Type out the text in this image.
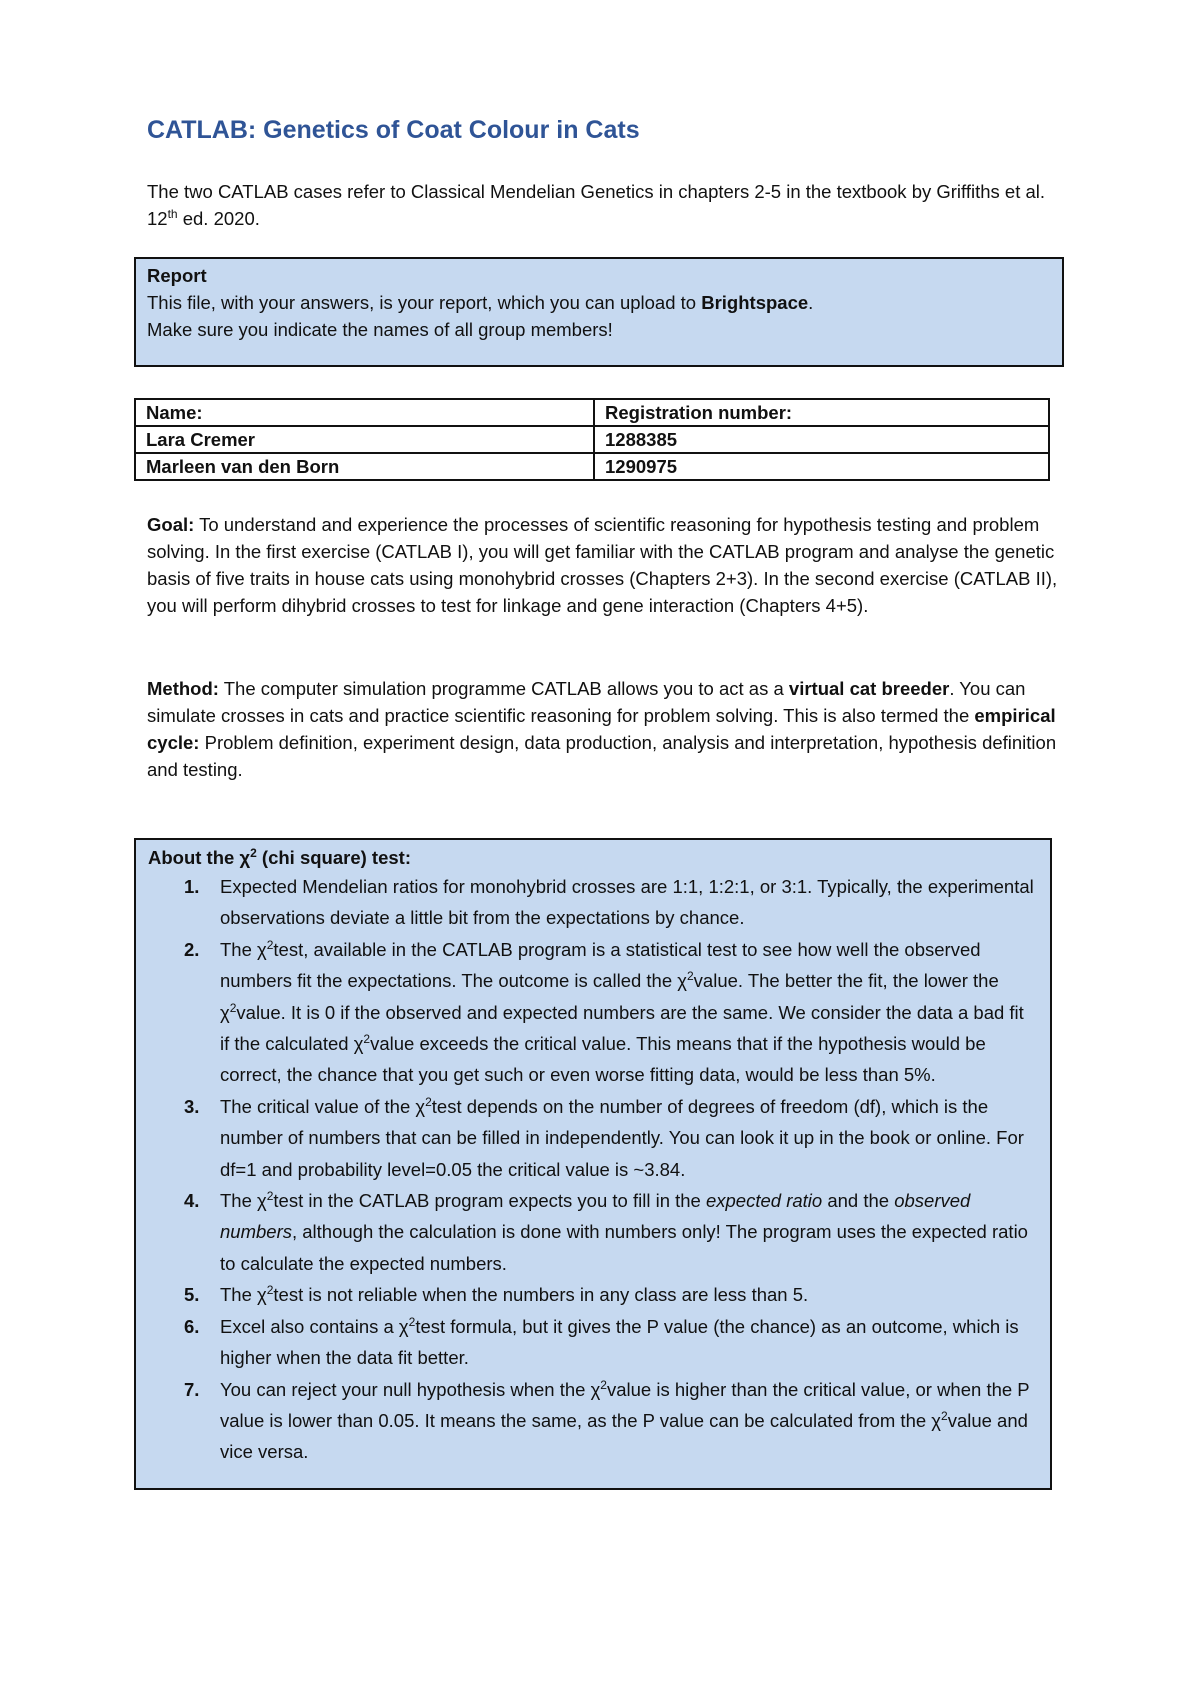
CATLAB: Genetics of Coat Colour in Cats
The two CATLAB cases refer to Classical Mendelian Genetics in chapters 2-5 in the textbook by Griffiths et al. 12th ed. 2020.
Report
This file, with your answers, is your report, which you can upload to Brightspace.
Make sure you indicate the names of all group members!
Name:	Registration number:
Lara Cremer	1288385
Marleen van den Born	1290975
Goal: To understand and experience the processes of scientific reasoning for hypothesis testing and problem solving. In the first exercise (CATLAB I), you will get familiar with the CATLAB program and analyse the genetic basis of five traits in house cats using monohybrid crosses (Chapters 2+3). In the second exercise (CATLAB II), you will perform dihybrid crosses to test for linkage and gene interaction (Chapters 4+5).
Method: The computer simulation programme CATLAB allows you to act as a virtual cat breeder. You can simulate crosses in cats and practice scientific reasoning for problem solving. This is also termed the empirical cycle: Problem definition, experiment design, data production, analysis and interpretation, hypothesis definition and testing.
About the $\chi^2$ (chi square) test:
1. Expected Mendelian ratios for monohybrid crosses are 1:1, 1:2:1, or 3:1. Typically, the experimental observations deviate a little bit from the expectations by chance.
2. The $\chi^2test$, available in the CATLAB program is a statistical test to see how well the observed numbers fit the expectations. The outcome is called the $\chi^2value$. The better the fit, the lower the $\chi^2value$. It is 0 if the observed and expected numbers are the same. We consider the data a bad fit if the calculated $\chi^2value$ exceeds the critical value. This means that if the hypothesis would be correct, the chance that you get such or even worse fitting data, would be less than 5%.
3. The critical value of the $\chi^2test$ depends on the number of degrees of freedom (df), which is the number of numbers that can be filled in independently. You can look it up in the book or online. For df=1 and probability level=0.05 the critical value is ~3.84.
4. The $\chi^2test$ in the CATLAB program expects you to fill in the expected ratio and the observed numbers, although the calculation is done with numbers only! The program uses the expected ratio to calculate the expected numbers.
5. The $\chi^2test$ is not reliable when the numbers in any class are less than 5.
6. Excel also contains a $\chi^2test$ formula, but it gives the P value (the chance) as an outcome, which is higher when the data fit better.
7. You can reject your null hypothesis when the $\chi^2value$ is higher than the critical value, or when the P value is lower than 0.05. It means the same, as the P value can be calculated from the $\chi^2value$ and vice versa.
